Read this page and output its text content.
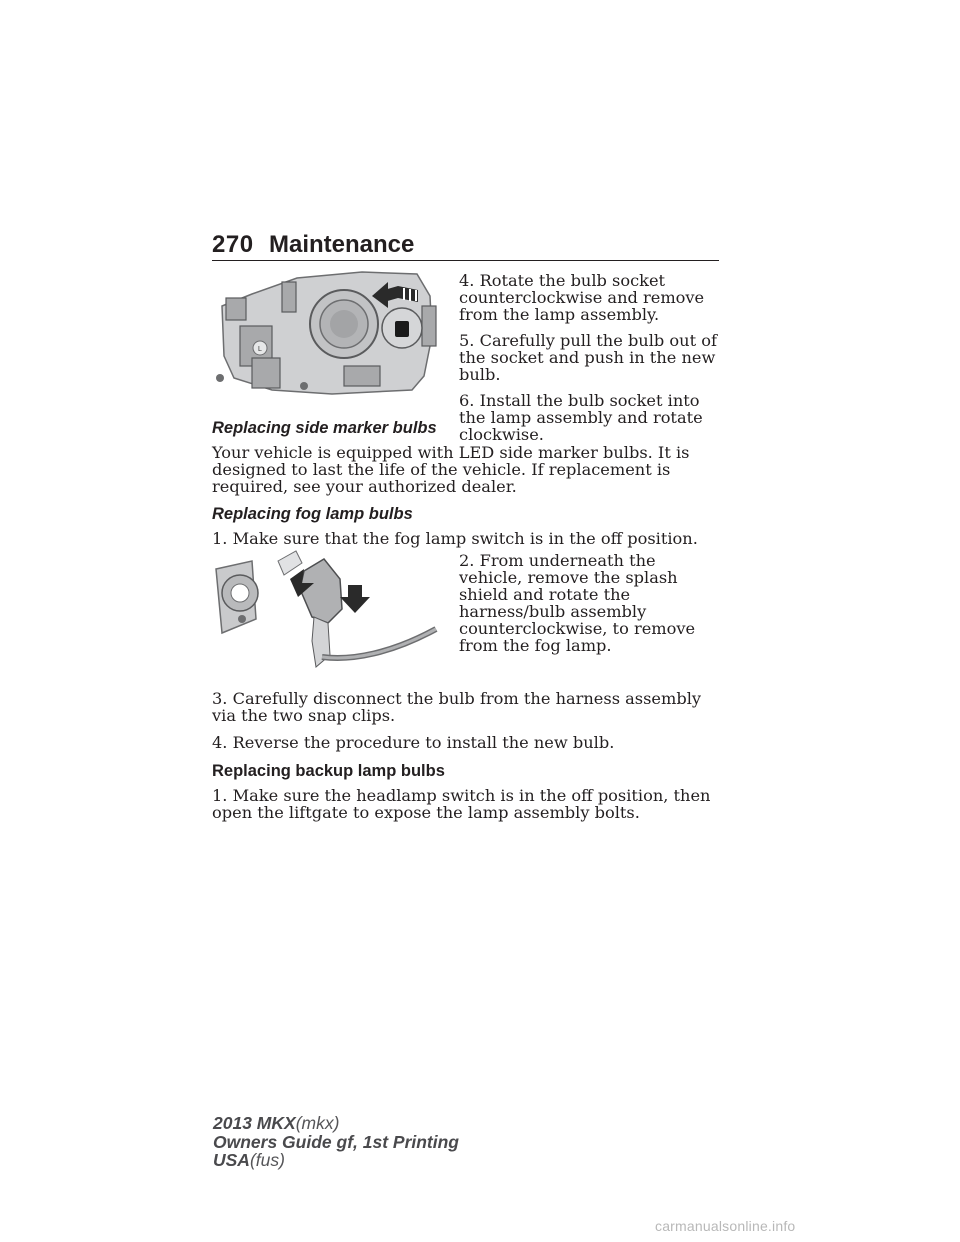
270 Maintenance
L

4. Rotate the bulb socket counterclockwise and remove from the lamp assembly.

5. Carefully pull the bulb out of the socket and push in the new bulb.

6. Install the bulb socket into the lamp assembly and rotate clockwise.

Replacing side marker bulbs
Your vehicle is equipped with LED side marker bulbs. It is designed to last the life of the vehicle. If replacement is required, see your authorized dealer.
Replacing fog lamp bulbs
1. Make sure that the fog lamp switch is in the off position.
2. From underneath the vehicle, remove the splash shield and rotate the harness/bulb assembly counterclockwise, to remove from the fog lamp.
3. Carefully disconnect the bulb from the harness assembly via the two snap clips.
4. Reverse the procedure to install the new bulb.
Replacing backup lamp bulbs
1. Make sure the headlamp switch is in the off position, then open the liftgate to expose the lamp assembly bolts.
2013 MKX(mkx)
Owners Guide gf, 1st Printing
USA(fus)
carmanualsonline.info
